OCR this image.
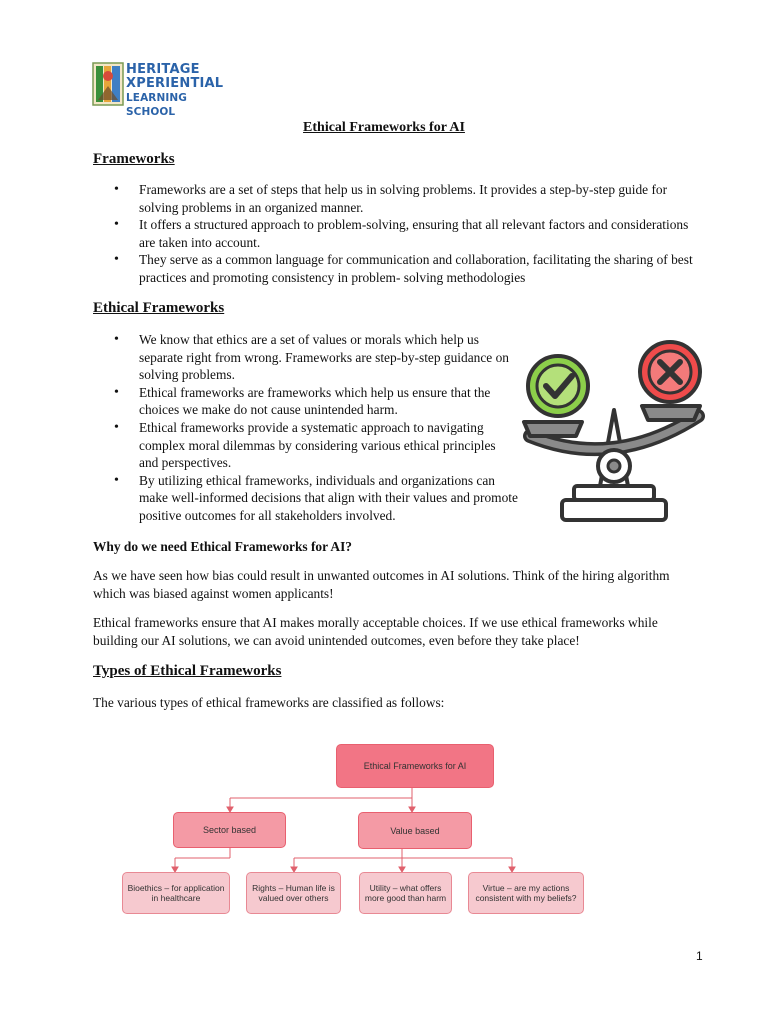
HERITAGE
XPERIENTIAL
LEARNING SCHOOL
Ethical Frameworks for AI
Frameworks
• Frameworks are a set of steps that help us in solving problems. It provides a step-by-step guide for solving problems in an organized manner.
• It offers a structured approach to problem-solving, ensuring that all relevant factors and considerations are taken into account.
• They serve as a common language for communication and collaboration, facilitating the sharing of best practices and promoting consistency in problem- solving methodologies
Ethical Frameworks
• We know that ethics are a set of values or morals which help us separate right from wrong. Frameworks are step-by-step guidance on solving problems.
• Ethical frameworks are frameworks which help us ensure that the choices we make do not cause unintended harm.
• Ethical frameworks provide a systematic approach to navigating complex moral dilemmas by considering various ethical principles and perspectives.
• By utilizing ethical frameworks, individuals and organizations can make well-informed decisions that align with their values and promote positive outcomes for all stakeholders involved.
Why do we need Ethical Frameworks for AI?

As we have seen how bias could result in unwanted outcomes in AI solutions. Think of the hiring algorithm which was biased against women applicants!

Ethical frameworks ensure that AI makes morally acceptable choices. If we use ethical frameworks while building our AI solutions, we can avoid unintended outcomes, even before they take place!

Types of Ethical Frameworks

The various types of ethical frameworks are classified as follows:

Ethical Frameworks for AI
Sector based	Value based
Bioethics – for application in healthcare
Rights – Human life is valued over others
Utility – what offers more good than harm
Virtue – are my actions consistent with my beliefs?
1
